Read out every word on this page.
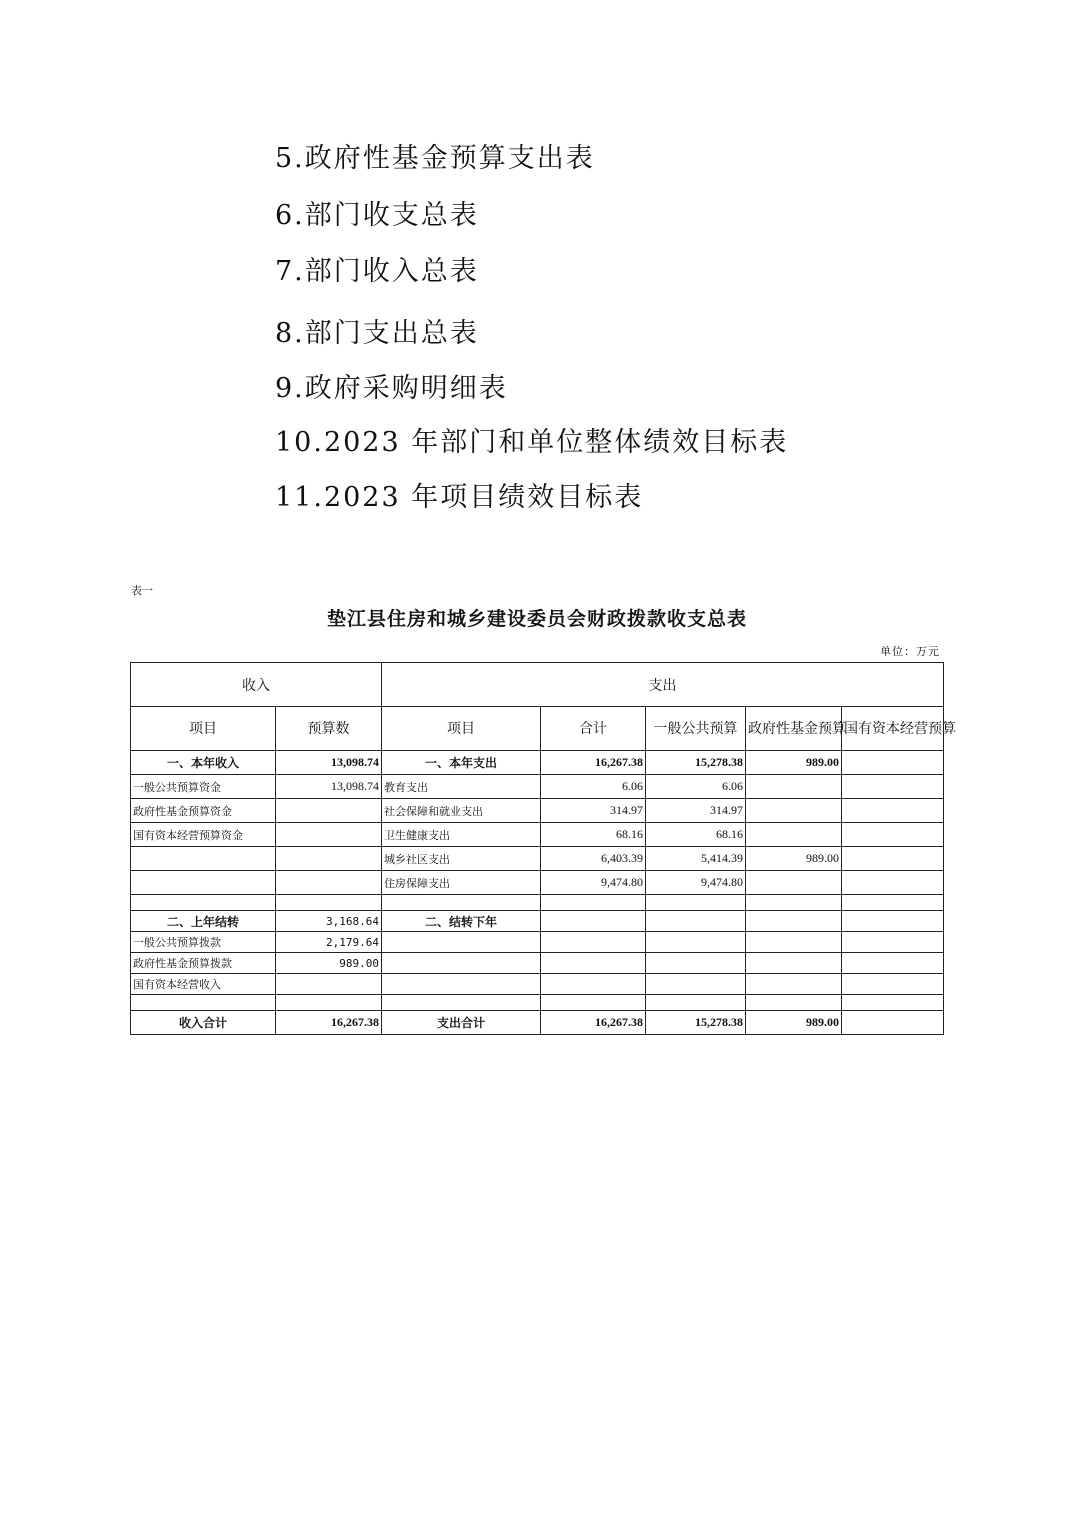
5.政府性基金预算支出表
6.部门收支总表
7.部门收入总表
8.部门支出总表
9.政府采购明细表
10.2023 年部门和单位整体绩效目标表
11.2023 年项目绩效目标表
表一
垫江县住房和城乡建设委员会财政拨款收支总表
单位：万元
收入		支出				
项目	预算数	项目	合计	一般公共预算	政府性基金预算	国有资本经营预算
一、本年收入	13,098.74	一、本年支出	16,267.38	15,278.38	989.00	
一般公共预算资金	13,098.74	教育支出	6.06	6.06		
政府性基金预算资金		社会保障和就业支出	314.97	314.97		
国有资本经营预算资金		卫生健康支出	68.16	68.16		
		城乡社区支出	6,403.39	5,414.39	989.00	
		住房保障支出	9,474.80	9,474.80		

二、上年结转	3,168.64	二、结转下年				
一般公共预算拨款	2,179.64					
政府性基金预算拨款	989.00					
国有资本经营收入						

收入合计	16,267.38	支出合计	16,267.38	15,278.38	989.00	
